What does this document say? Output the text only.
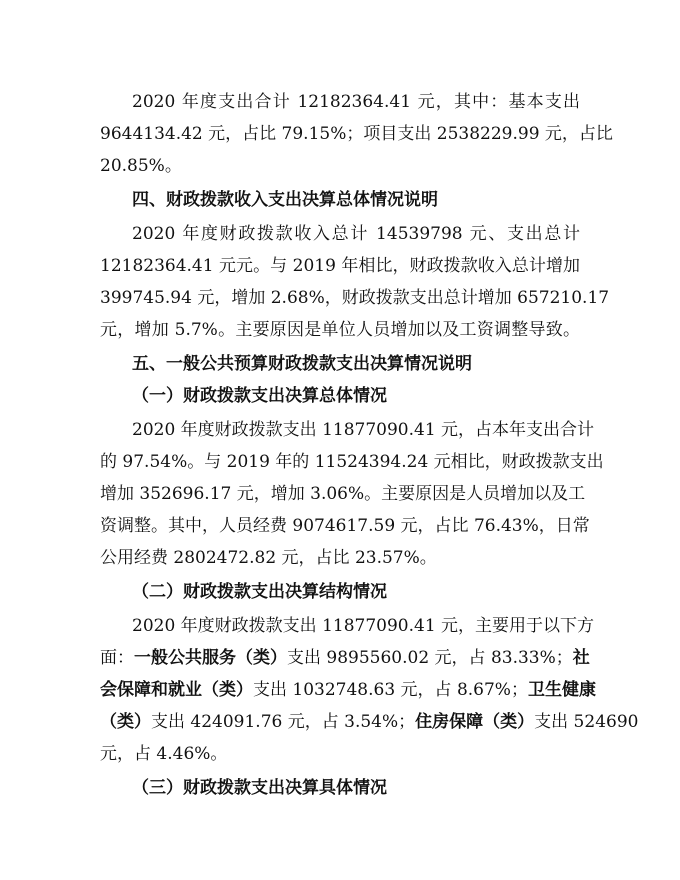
2020 年度支出合计 12182364.41 元，其中：基本支出
9644134.42 元，占比 79.15%；项目支出 2538229.99 元，占比
20.85%。
四、财政拨款收入支出决算总体情况说明
2020 年度财政拨款收入总计 14539798 元、支出总计
12182364.41 元元。与 2019 年相比，财政拨款收入总计增加
399745.94 元，增加 2.68%，财政拨款支出总计增加 657210.17
元，增加 5.7%。主要原因是单位人员增加以及工资调整导致。
五、一般公共预算财政拨款支出决算情况说明
（一）财政拨款支出决算总体情况
2020 年度财政拨款支出 11877090.41 元，占本年支出合计
的 97.54%。与 2019 年的 11524394.24 元相比，财政拨款支出
增加 352696.17 元，增加 3.06%。主要原因是人员增加以及工
资调整。其中，人员经费 9074617.59 元，占比 76.43%，日常
公用经费 2802472.82 元，占比 23.57%。
（二）财政拨款支出决算结构情况
2020 年度财政拨款支出 11877090.41 元，主要用于以下方
面：一般公共服务（类）支出 9895560.02 元，占 83.33%；社
会保障和就业（类）支出 1032748.63 元，占 8.67%；卫生健康
（类）支出 424091.76 元，占 3.54%；住房保障（类）支出 524690
元，占 4.46%。
（三）财政拨款支出决算具体情况
